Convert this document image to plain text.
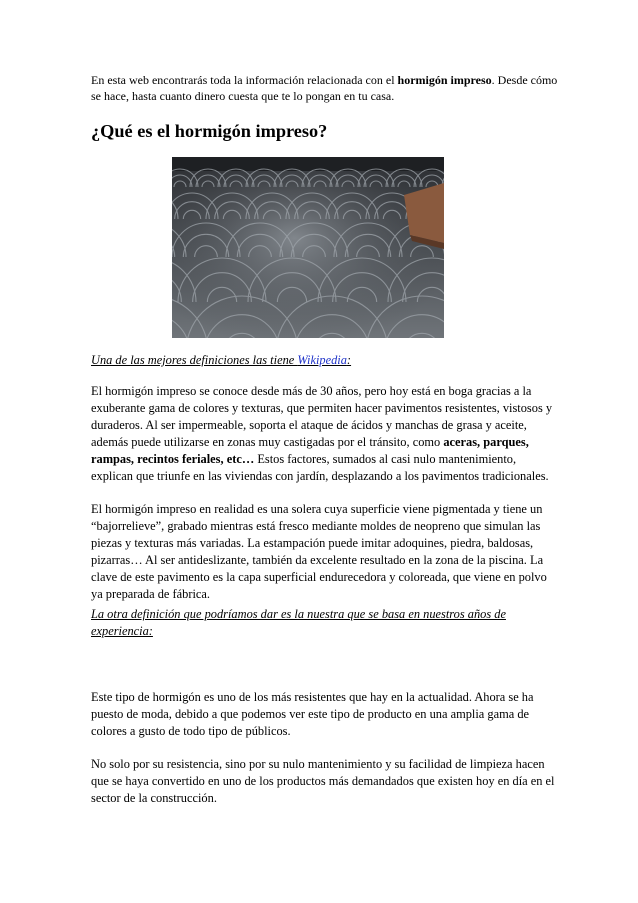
En esta web encontrarás toda la información relacionada con el hormigón impreso. Desde cómo se hace, hasta cuanto dinero cuesta que te lo pongan en tu casa.

¿Qué es el hormigón impreso?

Una de las mejores definiciones las tiene Wikipedia:

El hormigón impreso se conoce desde más de 30 años, pero hoy está en boga gracias a la exuberante gama de colores y texturas, que permiten hacer pavimentos resistentes, vistosos y duraderos. Al ser impermeable, soporta el ataque de ácidos y manchas de grasa y aceite, además puede utilizarse en zonas muy castigadas por el tránsito, como aceras, parques, rampas, recintos feriales, etc… Estos factores, sumados al casi nulo mantenimiento, explican que triunfe en las viviendas con jardín, desplazando a los pavimentos tradicionales.

El hormigón impreso en realidad es una solera cuya superficie viene pigmentada y tiene un “bajorrelieve”, grabado mientras está fresco mediante moldes de neopreno que simulan las piezas y texturas más variadas. La estampación puede imitar adoquines, piedra, baldosas, pizarras… Al ser antideslizante, también da excelente resultado en la zona de la piscina. La clave de este pavimento es la capa superficial endurecedora y coloreada, que viene en polvo ya preparada de fábrica.

La otra definición que podríamos dar es la nuestra que se basa en nuestros años de experiencia:

Este tipo de hormigón es uno de los más resistentes que hay en la actualidad. Ahora se ha puesto de moda, debido a que podemos ver este tipo de producto en una amplia gama de colores a gusto de todo tipo de públicos.

No solo por su resistencia, sino por su nulo mantenimiento y su facilidad de limpieza hacen que se haya convertido en uno de los productos más demandados que existen hoy en día en el sector de la construcción.
